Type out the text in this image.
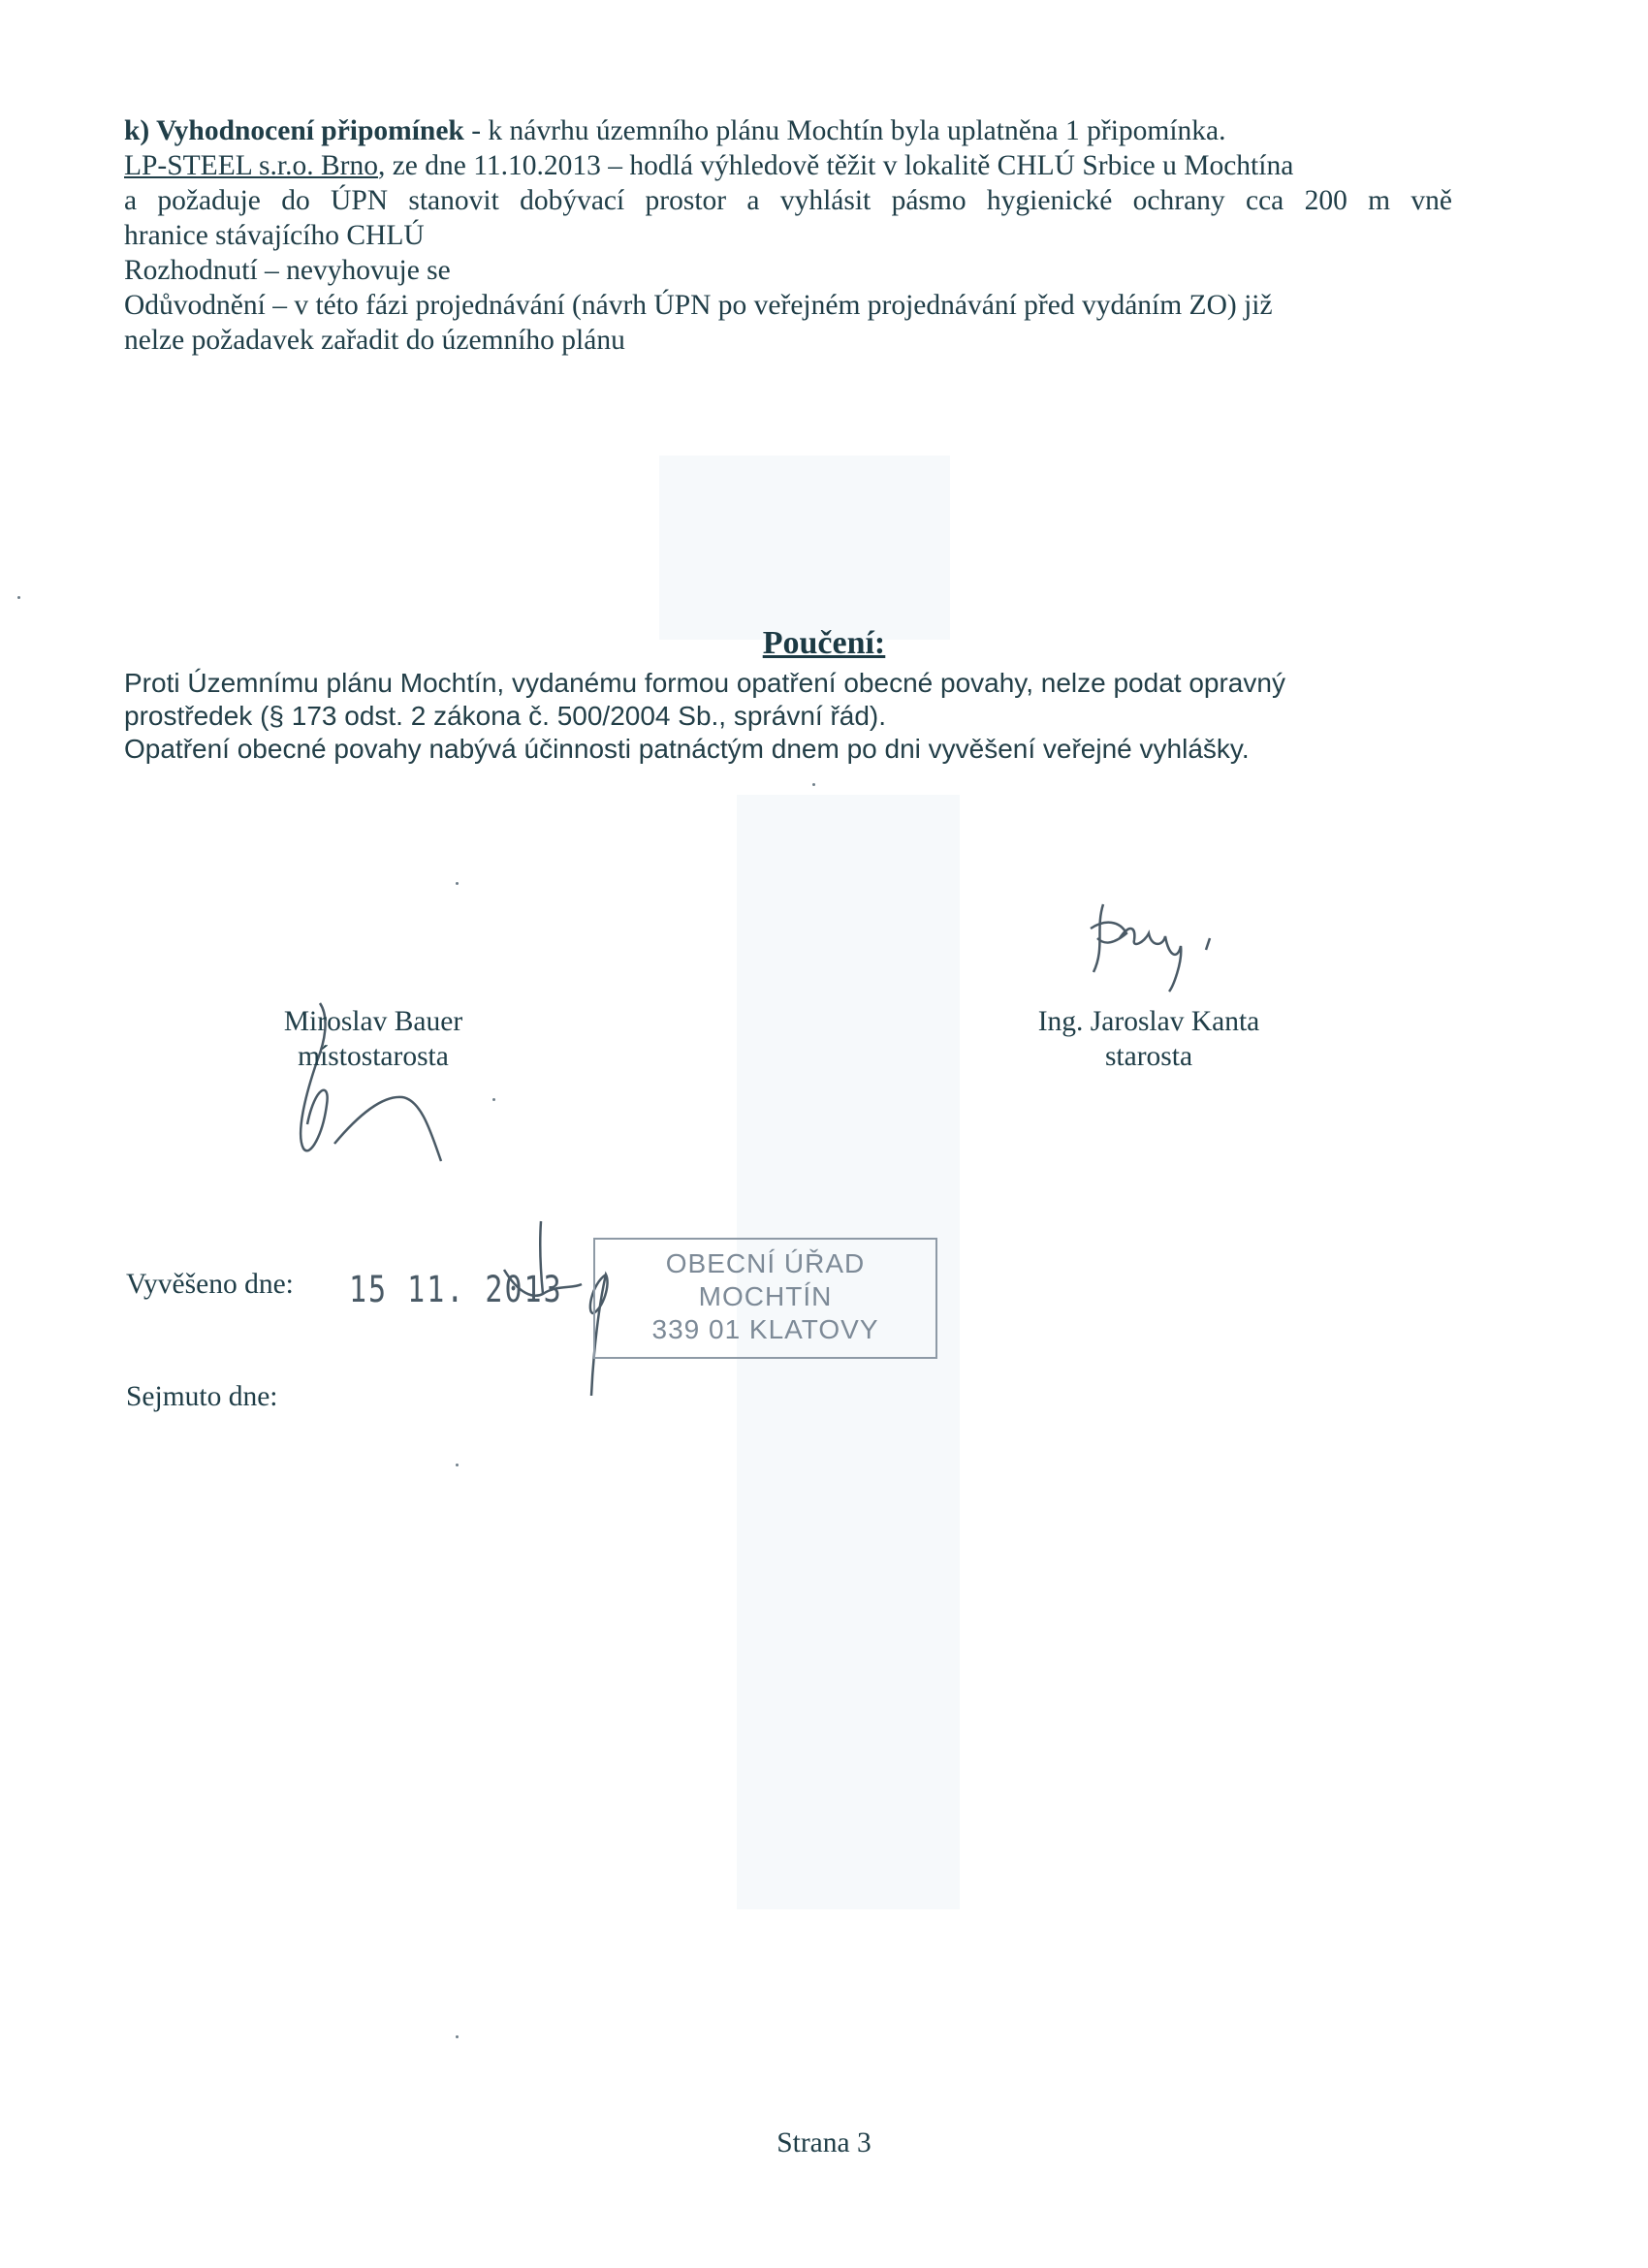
k) Vyhodnocení připomínek - k návrhu územního plánu Mochtín byla uplatněna 1 připomínka.
LP-STEEL s.r.o. Brno, ze dne 11.10.2013 – hodlá výhledově těžit v lokalitě CHLÚ Srbice u Mochtína
a požaduje do ÚPN stanovit dobývací prostor a vyhlásit pásmo hygienické ochrany cca 200 m vně
hranice stávajícího CHLÚ
Rozhodnutí – nevyhovuje se
Odůvodnění – v této fázi projednávání (návrh ÚPN po veřejném projednávání před vydáním ZO) již
nelze požadavek zařadit do územního plánu
Poučení:
Proti Územnímu plánu Mochtín, vydanému formou opatření obecné povahy, nelze podat opravný
prostředek (§ 173 odst. 2 zákona č. 500/2004 Sb., správní řád).
Opatření obecné povahy nabývá účinnosti patnáctým dnem po dni vyvěšení veřejné vyhlášky.
Miroslav Bauer
místostarosta
Ing. Jaroslav Kanta
starosta
Vyvěšeno dne: 15 11. 2013
OBECNÍ ÚŘAD
MOCHTÍN
339 01 KLATOVY
Sejmuto dne:
Strana 3
